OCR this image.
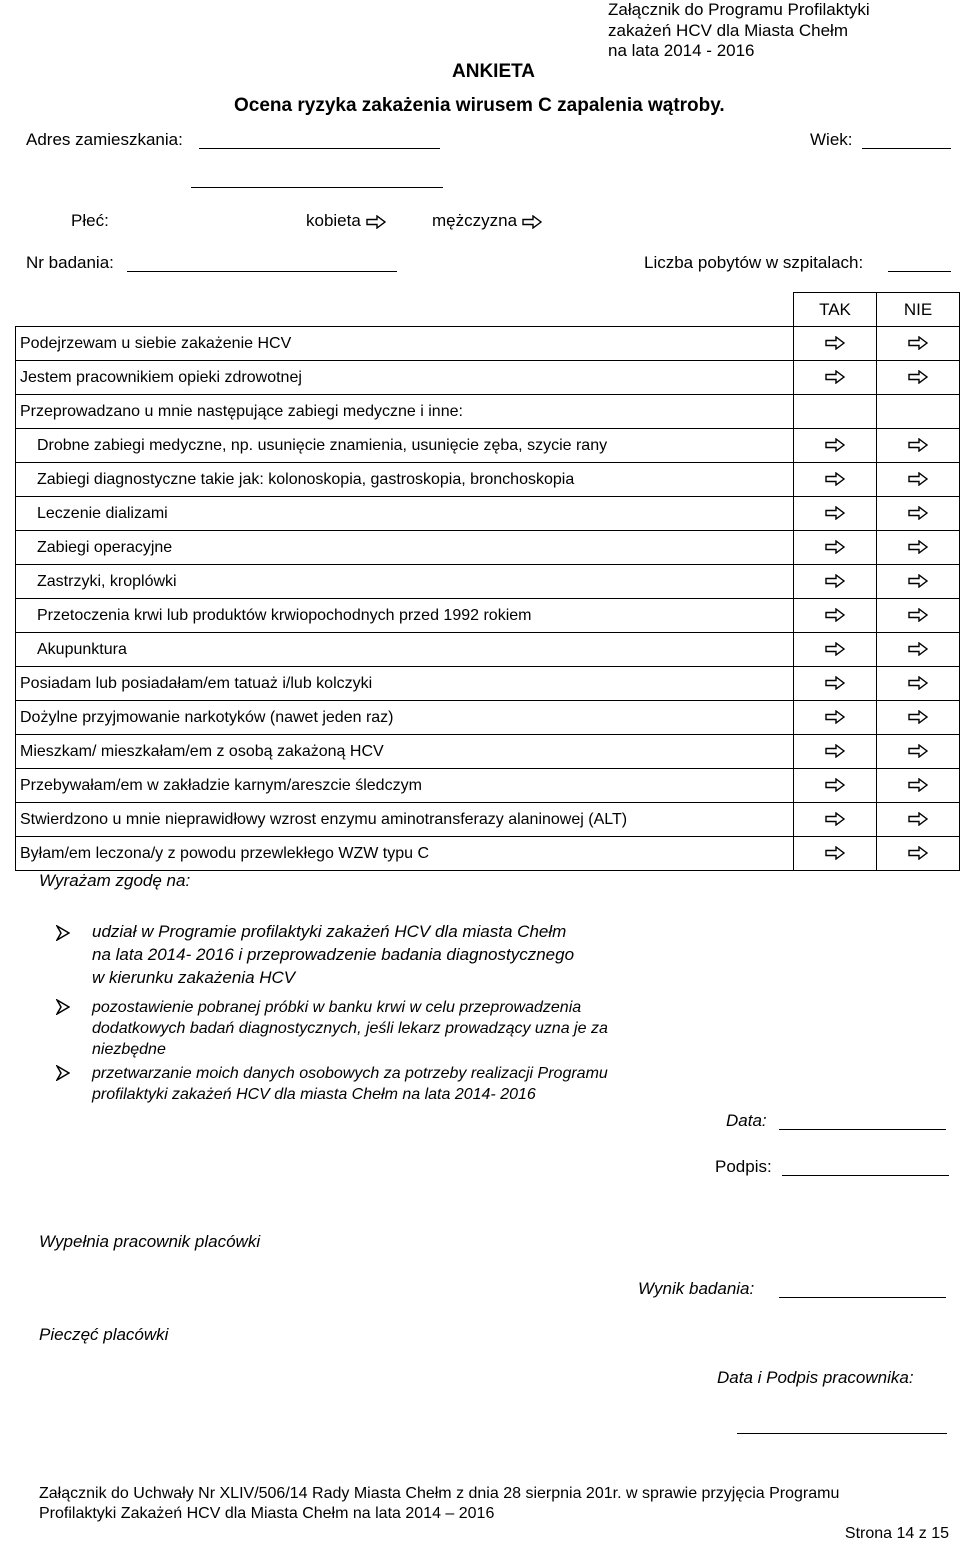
Załącznik do Programu Profilaktyki
zakażeń HCV dla Miasta Chełm
na lata 2014 - 2016
ANKIETA
Ocena ryzyka zakażenia wirusem C zapalenia wątroby.
Adres zamieszkania:	Wiek:
Płeć:	kobieta	mężczyzna
Nr badania:	Liczba pobytów w szpitalach:
	TAK	NIE
Podejrzewam u siebie zakażenie HCV		
Jestem pracownikiem opieki zdrowotnej		
Przeprowadzano u mnie następujące zabiegi medyczne i inne:		
Drobne zabiegi medyczne, np. usunięcie znamienia, usunięcie zęba, szycie rany		
Zabiegi diagnostyczne takie jak: kolonoskopia, gastroskopia, bronchoskopia		
Leczenie dializami		
Zabiegi operacyjne		
Zastrzyki, kroplówki		
Przetoczenia krwi lub produktów krwiopochodnych przed 1992 rokiem		
Akupunktura		
Posiadam lub posiadałam/em tatuaż i/lub kolczyki		
Dożylne przyjmowanie narkotyków (nawet jeden raz)		
Mieszkam/ mieszkałam/em z osobą zakażoną HCV		
Przebywałam/em w zakładzie karnym/areszcie śledczym		
Stwierdzono u mnie nieprawidłowy wzrost enzymu aminotransferazy alaninowej (ALT)		
Byłam/em leczona/y z powodu przewlekłego WZW typu C		
Wyrażam zgodę na:
udział w Programie profilaktyki zakażeń HCV dla miasta Chełm
na lata 2014- 2016 i przeprowadzenie badania diagnostycznego
w kierunku zakażenia HCV
pozostawienie pobranej próbki w banku krwi w celu przeprowadzenia
dodatkowych badań diagnostycznych, jeśli lekarz prowadzący uzna je za
niezbędne
przetwarzanie moich danych osobowych za potrzeby realizacji Programu
profilaktyki zakażeń HCV dla miasta Chełm na lata 2014- 2016
Data:
Podpis:
Wypełnia pracownik placówki
Wynik badania:
Pieczęć placówki
Data i Podpis pracownika:
Załącznik do Uchwały Nr XLIV/506/14 Rady Miasta Chełm z dnia 28 sierpnia 201r. w sprawie przyjęcia Programu
Profilaktyki Zakażeń HCV dla Miasta Chełm na lata 2014 – 2016
Strona 14 z 15
